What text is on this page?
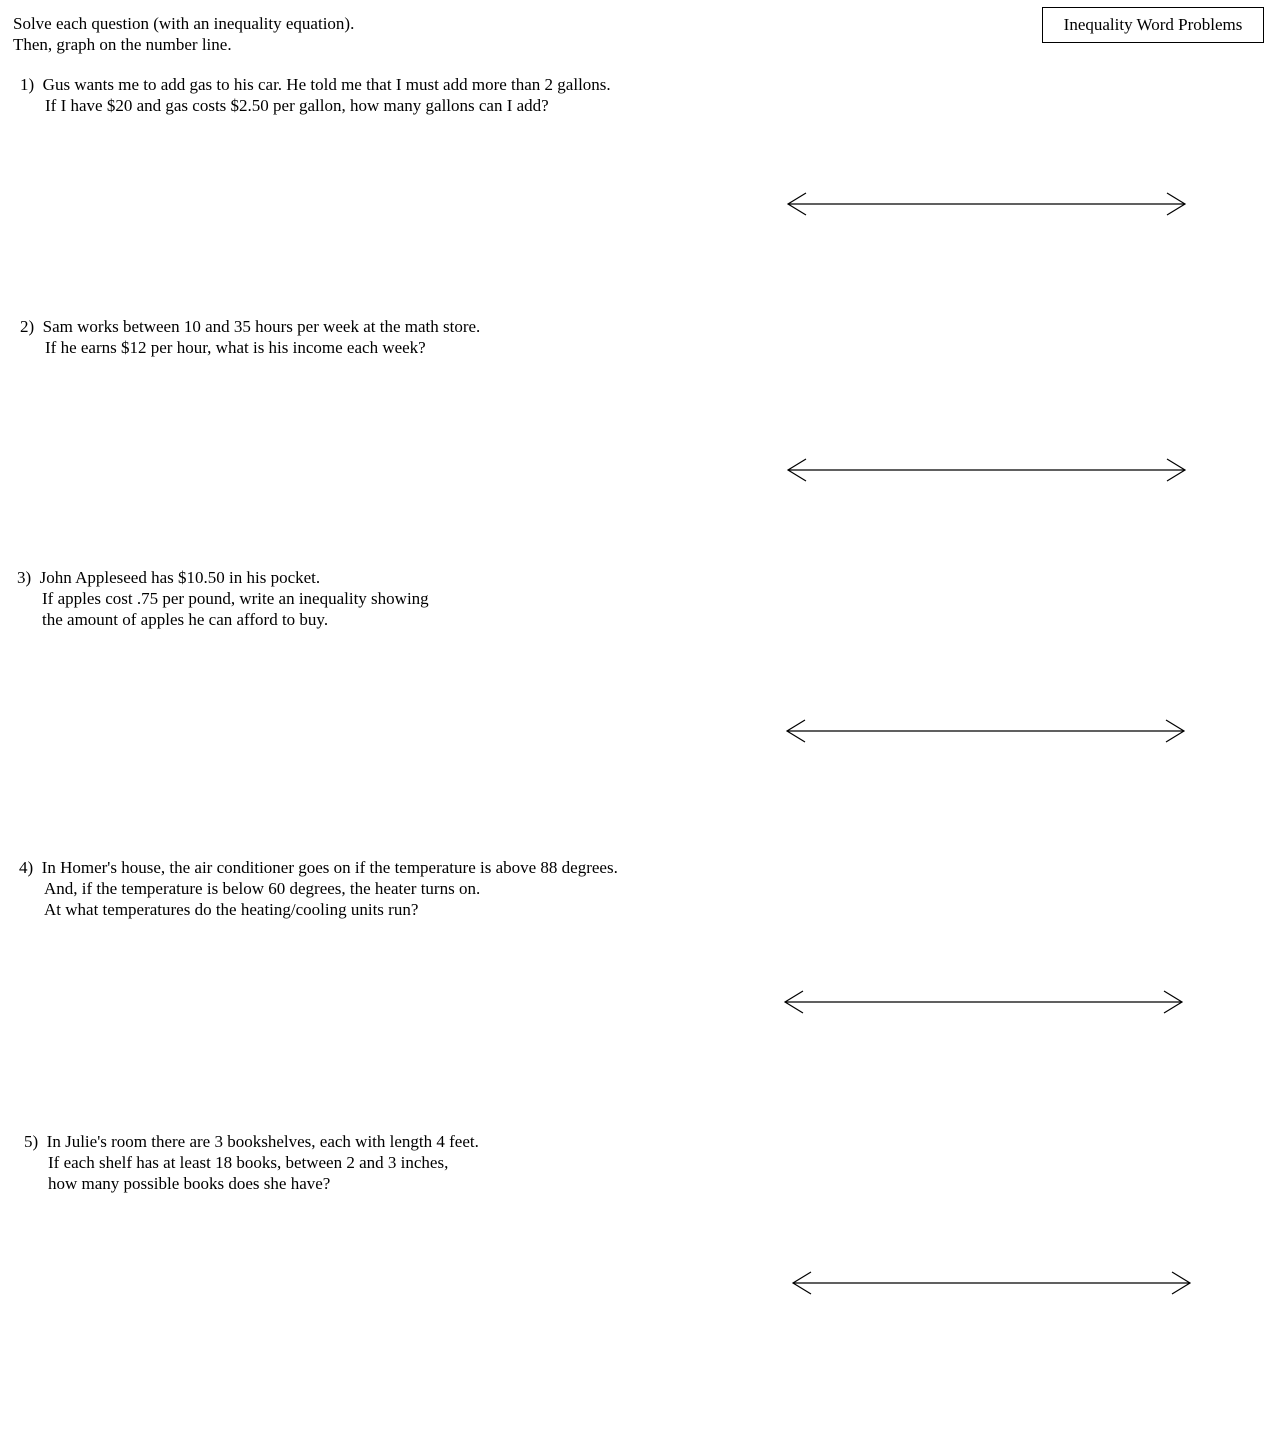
Solve each question (with an inequality equation).
Then, graph on the number line.
Inequality Word Problems
1) Gus wants me to add gas to his car. He told me that I must add more than 2 gallons.
If I have $20 and gas costs $2.50 per gallon, how many gallons can I add?
2) Sam works between 10 and 35 hours per week at the math store.
If he earns $12 per hour, what is his income each week?
3) John Appleseed has $10.50 in his pocket.
If apples cost .75 per pound, write an inequality showing
the amount of apples he can afford to buy.
4) In Homer's house, the air conditioner goes on if the temperature is above 88 degrees.
And, if the temperature is below 60 degrees, the heater turns on.
At what temperatures do the heating/cooling units run?
5) In Julie's room there are 3 bookshelves, each with length 4 feet.
If each shelf has at least 18 books, between 2 and 3 inches,
how many possible books does she have?
